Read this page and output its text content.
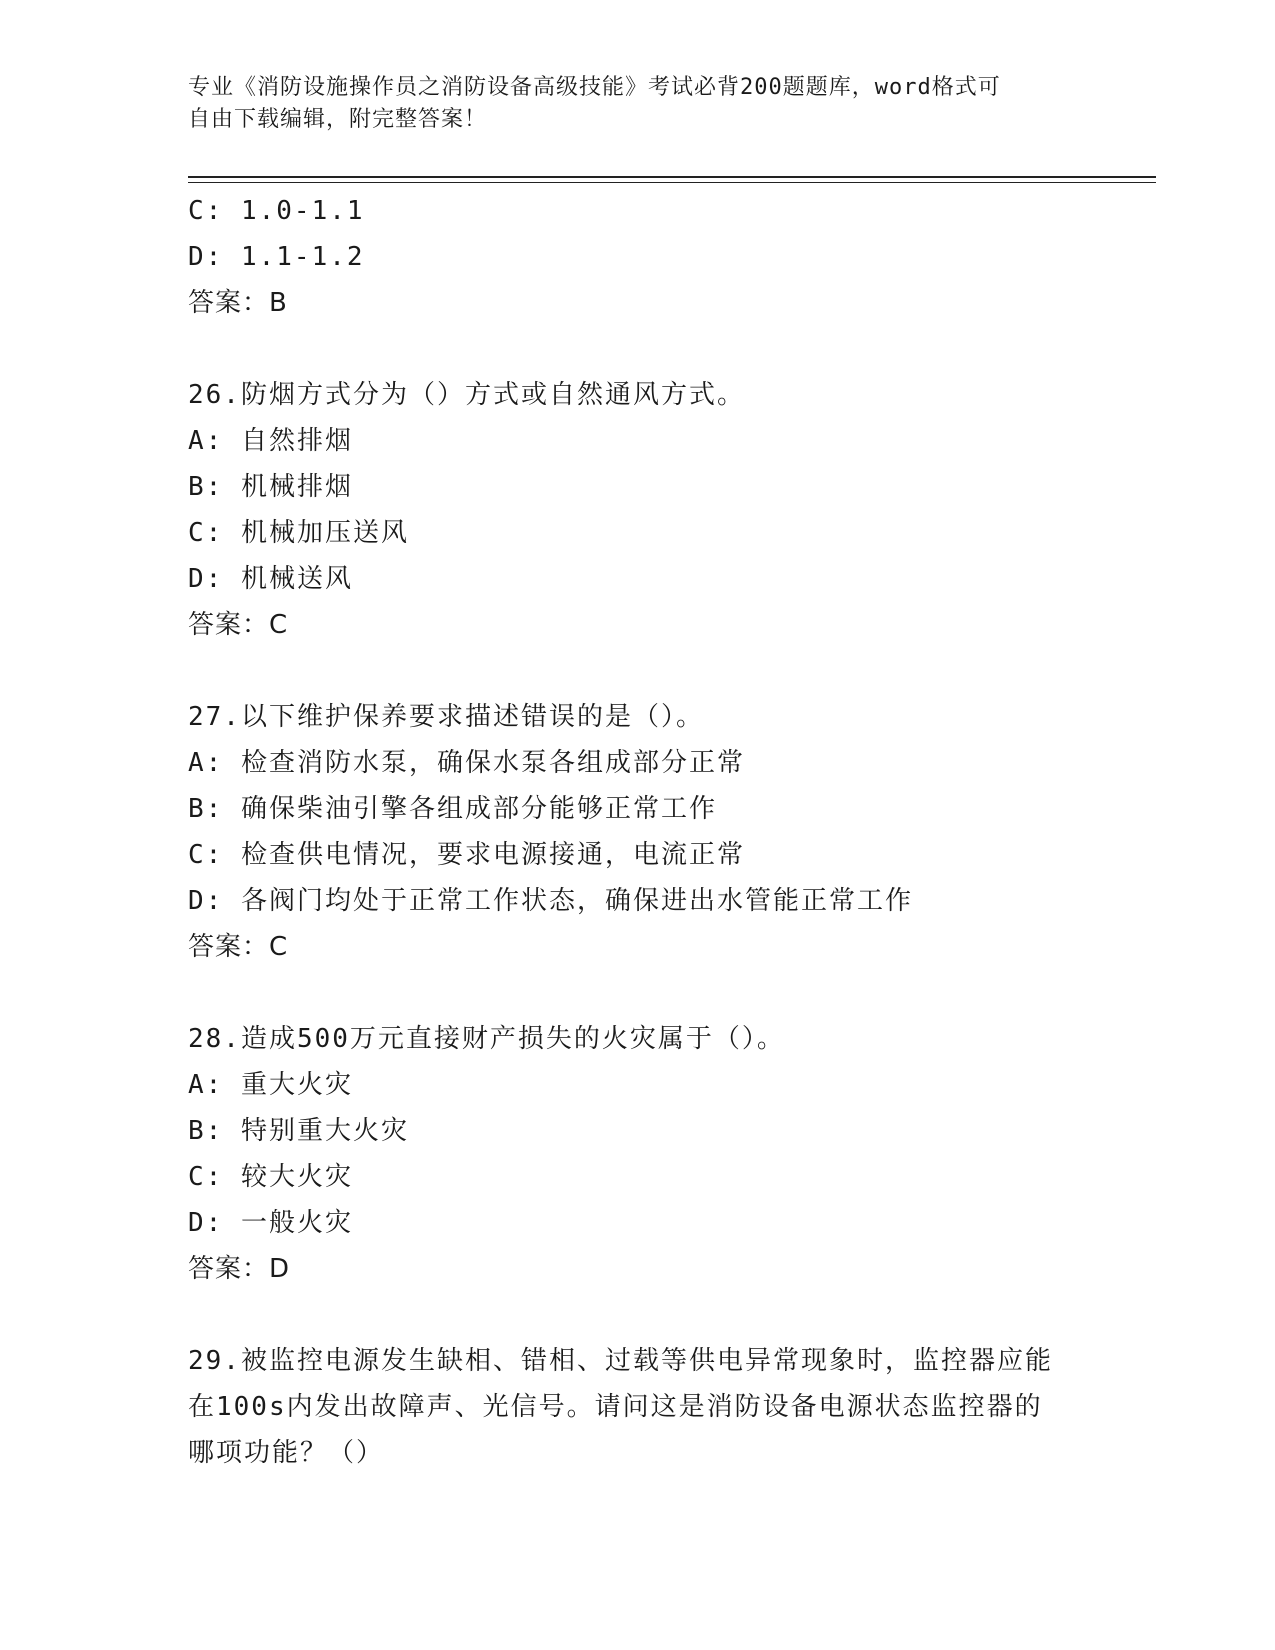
专业《消防设施操作员之消防设备高级技能》考试必背200题题库，word格式可
自由下载编辑，附完整答案！
C: 1.0-1.1
D: 1.1-1.2
答案：B
26.防烟方式分为（）方式或自然通风方式。
A: 自然排烟
B: 机械排烟
C: 机械加压送风
D: 机械送风
答案：C
27.以下维护保养要求描述错误的是（）。
A: 检查消防水泵，确保水泵各组成部分正常
B: 确保柴油引擎各组成部分能够正常工作
C: 检查供电情况，要求电源接通，电流正常
D: 各阀门均处于正常工作状态，确保进出水管能正常工作
答案：C
28.造成500万元直接财产损失的火灾属于（）。
A: 重大火灾
B: 特别重大火灾
C: 较大火灾
D: 一般火灾
答案：D
29.被监控电源发生缺相、错相、过载等供电异常现象时，监控器应能
在100s内发出故障声、光信号。请问这是消防设备电源状态监控器的
哪项功能？（）
